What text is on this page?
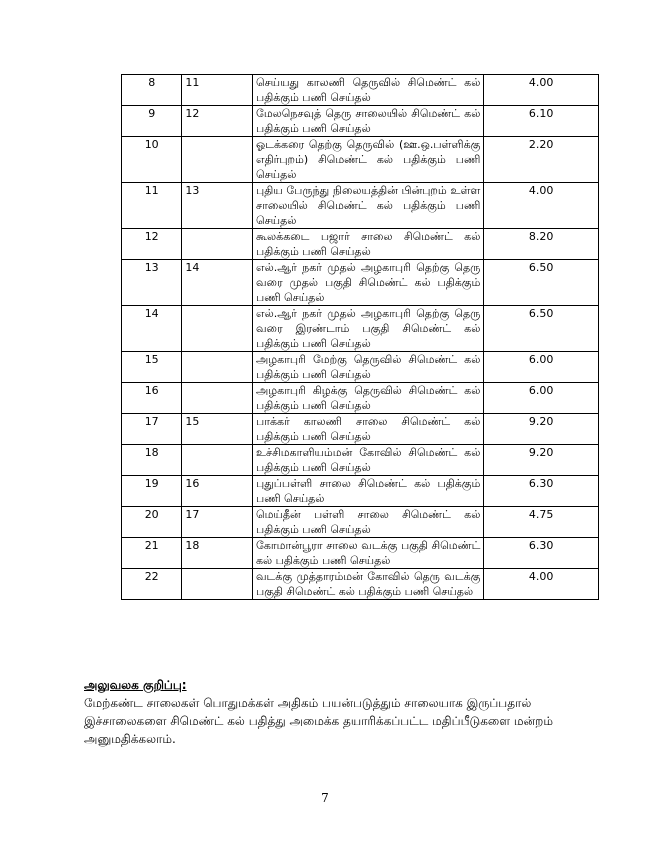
8	11	செய்யது காலணி தெருவில் சிமெண்ட் கல் பதிக்கும் பணி செய்தல்	4.00
9	12	மேலநெசவுத் தெரு சாலையில் சிமெண்ட் கல் பதிக்கும் பணி செய்தல்	6.10
10		ஓடக்கரை தெற்கு தெருவில் (ஊ.ஒ.பள்ளிக்கு எதிர்புறம்) சிமெண்ட் கல் பதிக்கும் பணி செய்தல்	2.20
11	13	புதிய பேருந்து நிலையத்தின் பின்புறம் உள்ள சாலையில் சிமெண்ட் கல் பதிக்கும் பணி செய்தல்	4.00
12		கூலக்கடை பஜார் சாலை சிமெண்ட் கல் பதிக்கும் பணி செய்தல்	8.20
13	14	எல்.ஆர் நகர் முதல் அழகாபுரி தெற்கு தெரு வரை முதல் பகுதி சிமெண்ட் கல் பதிக்கும் பணி செய்தல்	6.50
14		எல்.ஆர் நகர் முதல் அழகாபுரி தெற்கு தெரு வரை இரண்டாம் பகுதி சிமெண்ட் கல் பதிக்கும் பணி செய்தல்	6.50
15		அழகாபுரி மேற்கு தெருவில் சிமெண்ட் கல் பதிக்கும் பணி செய்தல்	6.00
16		அழகாபுரி கிழக்கு தெருவில் சிமெண்ட் கல் பதிக்கும் பணி செய்தல்	6.00
17	15	பாக்கர் காலணி சாலை சிமெண்ட் கல் பதிக்கும் பணி செய்தல்	9.20
18		உச்சிமகாளியம்மன் கோவில் சிமெண்ட் கல் பதிக்கும் பணி செய்தல்	9.20
19	16	புதுப்பள்ளி சாலை சிமெண்ட் கல் பதிக்கும் பணி செய்தல்	6.30
20	17	மெய்தீன் பள்ளி சாலை சிமெண்ட் கல் பதிக்கும் பணி செய்தல்	4.75
21	18	கோமான்பூரா சாலை வடக்கு பகுதி சிமெண்ட் கல் பதிக்கும் பணி செய்தல்	6.30
22		வடக்கு முத்தாரம்மன் கோவில் தெரு வடக்கு பகுதி சிமெண்ட் கல் பதிக்கும் பணி செய்தல்	4.00

அலுவலக குறிப்பு:

மேற்கண்ட சாலைகள் பொதுமக்கள் அதிகம் பயன்படுத்தும் சாலையாக இருப்பதால் இச்சாலைகளை சிமெண்ட் கல் பதித்து அமைக்க தயாரிக்கப்பட்ட மதிப்பீடுகளை மன்றம் அனுமதிக்கலாம்.

7
